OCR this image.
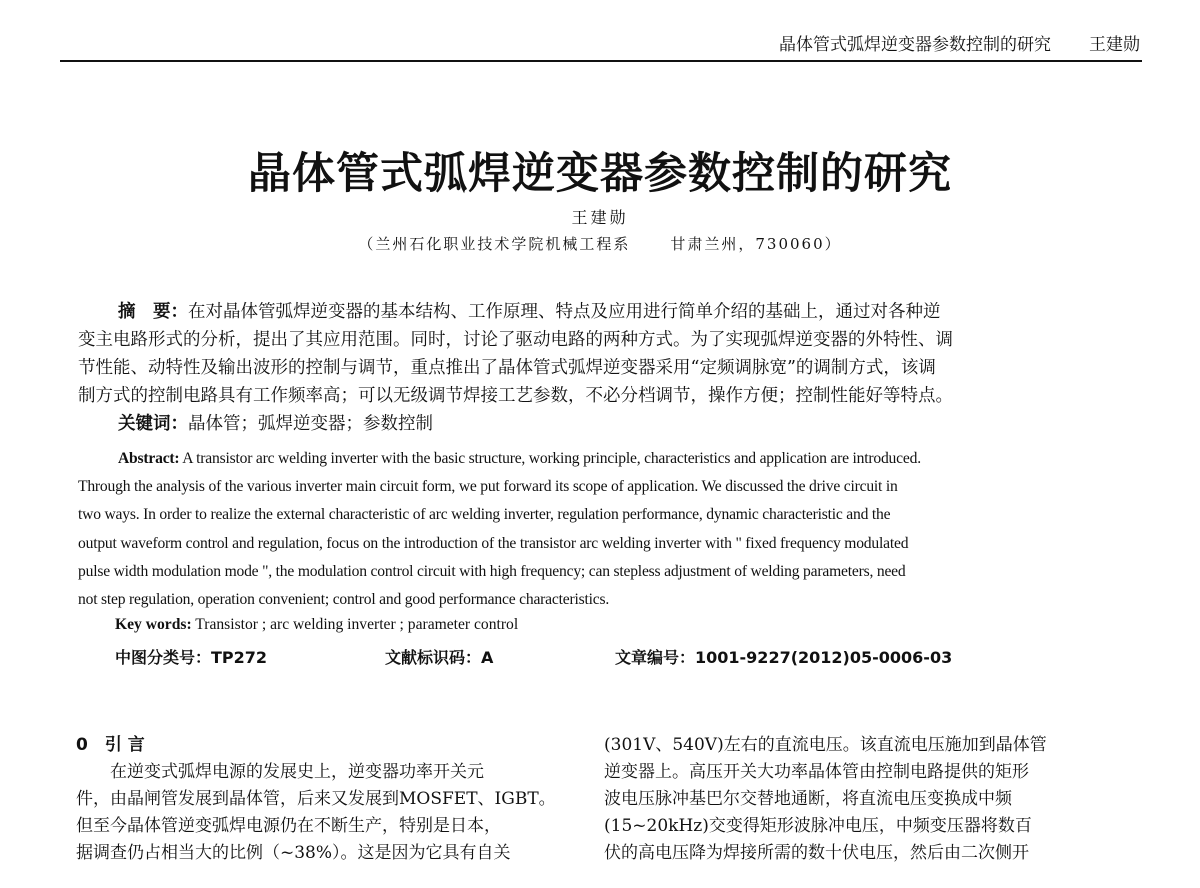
晶体管式弧焊逆变器参数控制的研究 王建勋
晶体管式弧焊逆变器参数控制的研究
王建勋
（兰州石化职业技术学院机械工程系	甘肃兰州，730060）

摘　要：在对晶体管弧焊逆变器的基本结构、工作原理、特点及应用进行简单介绍的基础上，通过对各种逆

变主电路形式的分析，提出了其应用范围。同时，讨论了驱动电路的两种方式。为了实现弧焊逆变器的外特性、调

节性能、动特性及输出波形的控制与调节，重点推出了晶体管式弧焊逆变器采用“定频调脉宽”的调制方式，该调

制方式的控制电路具有工作频率高；可以无级调节焊接工艺参数，不必分档调节，操作方便；控制性能好等特点。

关键词：晶体管；弧焊逆变器；参数控制

Abstract: A transistor arc welding inverter with the basic structure, working principle, characteristics and application are introduced.

Through the analysis of the various inverter main circuit form, we put forward its scope of application. We discussed the drive circuit in

two ways. In order to realize the external characteristic of arc welding inverter, regulation performance, dynamic characteristic and the

output waveform control and regulation, focus on the introduction of the transistor arc welding inverter with " fixed frequency modulated

pulse width modulation mode ", the modulation control circuit with high frequency; can stepless adjustment of welding parameters, need

not step regulation, operation convenient; control and good performance characteristics.

Key words: Transistor ; arc welding inverter ; parameter control
中图分类号：TP272	文献标识码：A	文章编号：1001-9227(2012)05-0006-03

0　引 言

　　在逆变式弧焊电源的发展史上，逆变器功率开关元

件，由晶闸管发展到晶体管，后来又发展到MOSFET、IGBT。

但至今晶体管逆变弧焊电源仍在不断生产，特别是日本，

据调查仍占相当大的比例（~38%）。这是因为它具有自关

(301V、540V)左右的直流电压。该直流电压施加到晶体管

逆变器上。高压开关大功率晶体管由控制电路提供的矩形

波电压脉冲基巴尔交替地通断，将直流电压变换成中频

(15~20kHz)交变得矩形波脉冲电压，中频变压器将数百

伏的高电压降为焊接所需的数十伏电压，然后由二次侧开
